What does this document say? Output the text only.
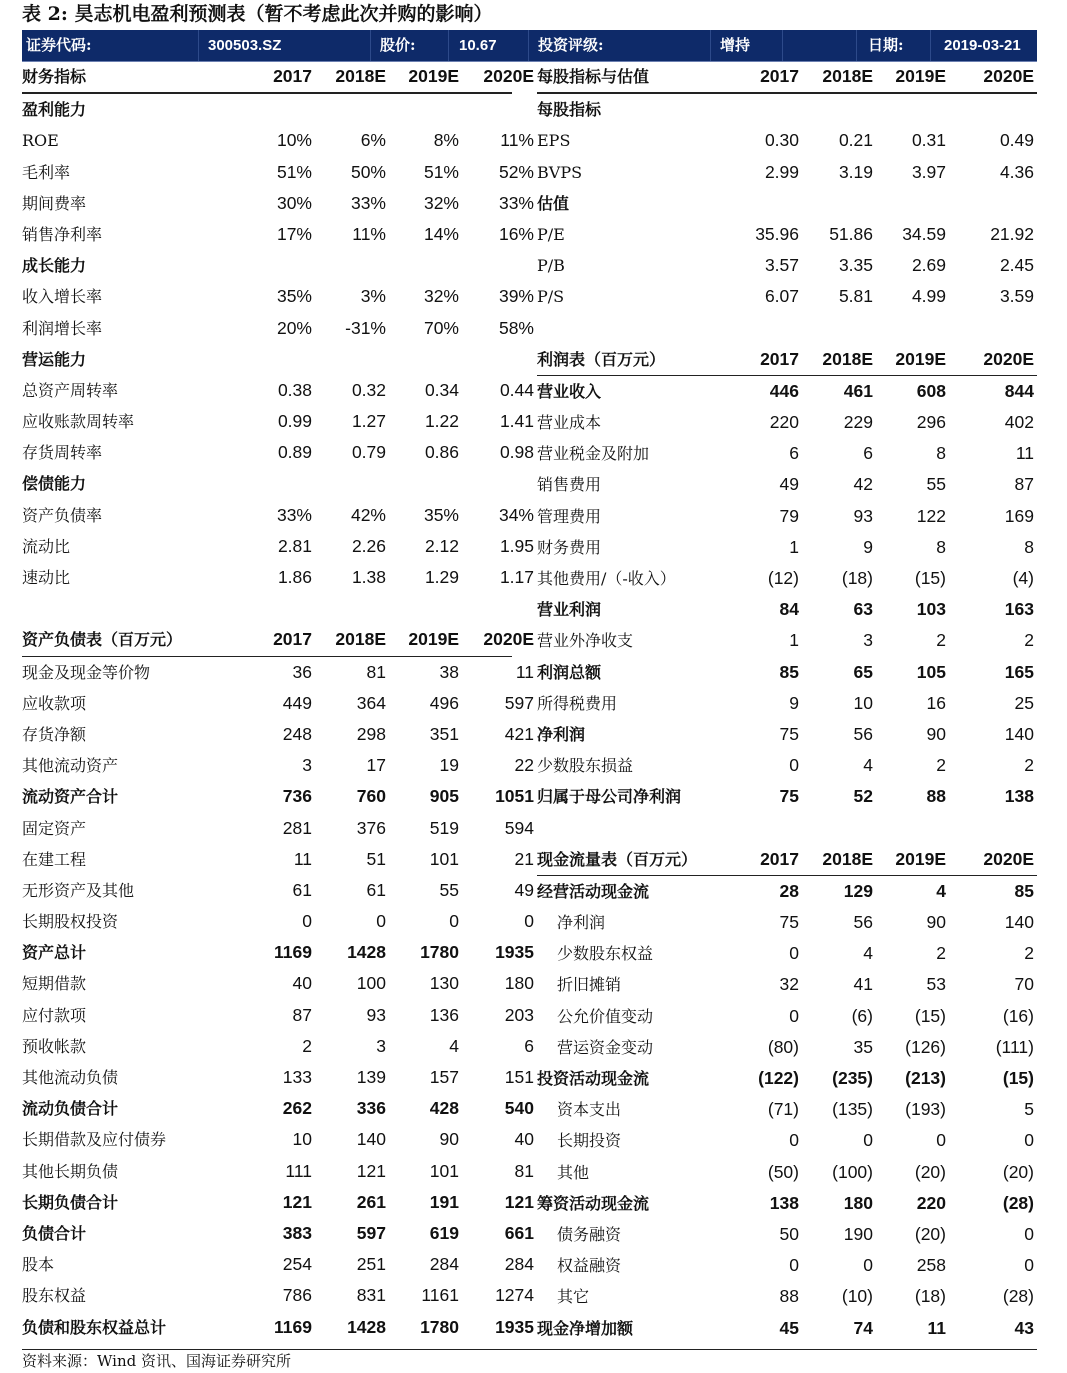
表 2: 昊志机电盈利预测表（暂不考虑此次并购的影响）
证券代码:	300503.SZ	股价:	10.67	投资评级:	增持	日期:	2019-03-21
财务指标	2017 2018E 2019E 2020E
盈利能力
ROE	10%	6%	8% 11%
毛利率	51% 50% 51% 52%
期间费率	30% 33% 32% 33%
销售净利率	17% 11% 14% 16%
成长能力
收入增长率	35%	3% 32% 39%
利润增长率	20% -31% 70% 58%
营运能力
总资产周转率	0.38 0.32 0.34 0.44
应收账款周转率	0.99 1.27 1.22 1.41
存货周转率	0.89 0.79 0.86 0.98
偿债能力
资产负债率	33% 42% 35% 34%
流动比	2.81 2.26 2.12 1.95
速动比	1.86 1.38 1.29 1.17
资产负债表（百万元）	2017 2018E 2019E 2020E
现金及现金等价物	36	81	38	11
应收款项	449	364	496	597
存货净额	248	298	351	421
其他流动资产	3	17	19	22
流动资产合计	736	760	905 1051
固定资产	281	376	519	594
在建工程	11	51	101	21
无形资产及其他	61	61	55	49
长期股权投资	0	0	0	0
资产总计	1169 1428 1780 1935
短期借款	40	100	130	180
应付款项	87	93	136	203
预收帐款	2	3	4	6
其他流动负债	133	139	157	151
流动负债合计	262	336	428	540
长期借款及应付债券	10	140	90	40
其他长期负债	111	121	101	81
长期负债合计	121	261	191	121
负债合计	383	597	619	661
股本	254	251	284	284
股东权益	786	831 1161 1274
负债和股东权益总计	1169 1428 1780 1935
每股指标与估值	2017 2018E 2019E 2020E
每股指标
EPS	0.30 0.21 0.31	0.49
BVPS	2.99 3.19 3.97	4.36
估值
P/E	35.96 51.86 34.59	21.92
P/B	3.57 3.35 2.69	2.45
P/S	6.07 5.81 4.99	3.59
利润表（百万元）	2017 2018E 2019E 2020E
营业收入	446	461	608	844
营业成本	220	229	296	402
营业税金及附加	6	6	8	11
销售费用	49	42	55	87
管理费用	79	93	122	169
财务费用	1	9	8	8
其他费用/（-收入）	(12) (18) (15)	(4)
营业利润	84	63	103	163
营业外净收支	1	3	2	2
利润总额	85	65	105	165
所得税费用	9	10	16	25
净利润	75	56	90	140
少数股东损益	0	4	2	2
归属于母公司净利润	75	52	88	138
现金流量表（百万元）	2017 2018E 2019E 2020E
经营活动现金流	28	129	4	85
净利润	75	56	90	140
少数股东权益	0	4	2	2
折旧摊销	32	41	53	70
公允价值变动	0	(6) (15)	(16)
营运资金变动	(80)	35 (126)	(111)
投资活动现金流	(122) (235) (213)	(15)
资本支出	(71) (135) (193)	5
长期投资	0	0	0	0
其他	(50) (100) (20)	(20)
筹资活动现金流	138	180	220	(28)
债务融资	50	190 (20)	0
权益融资	0	0	258	0
其它	88 (10) (18)	(28)
现金净增加额	45	74	11	43
资料来源：Wind 资讯、国海证券研究所
